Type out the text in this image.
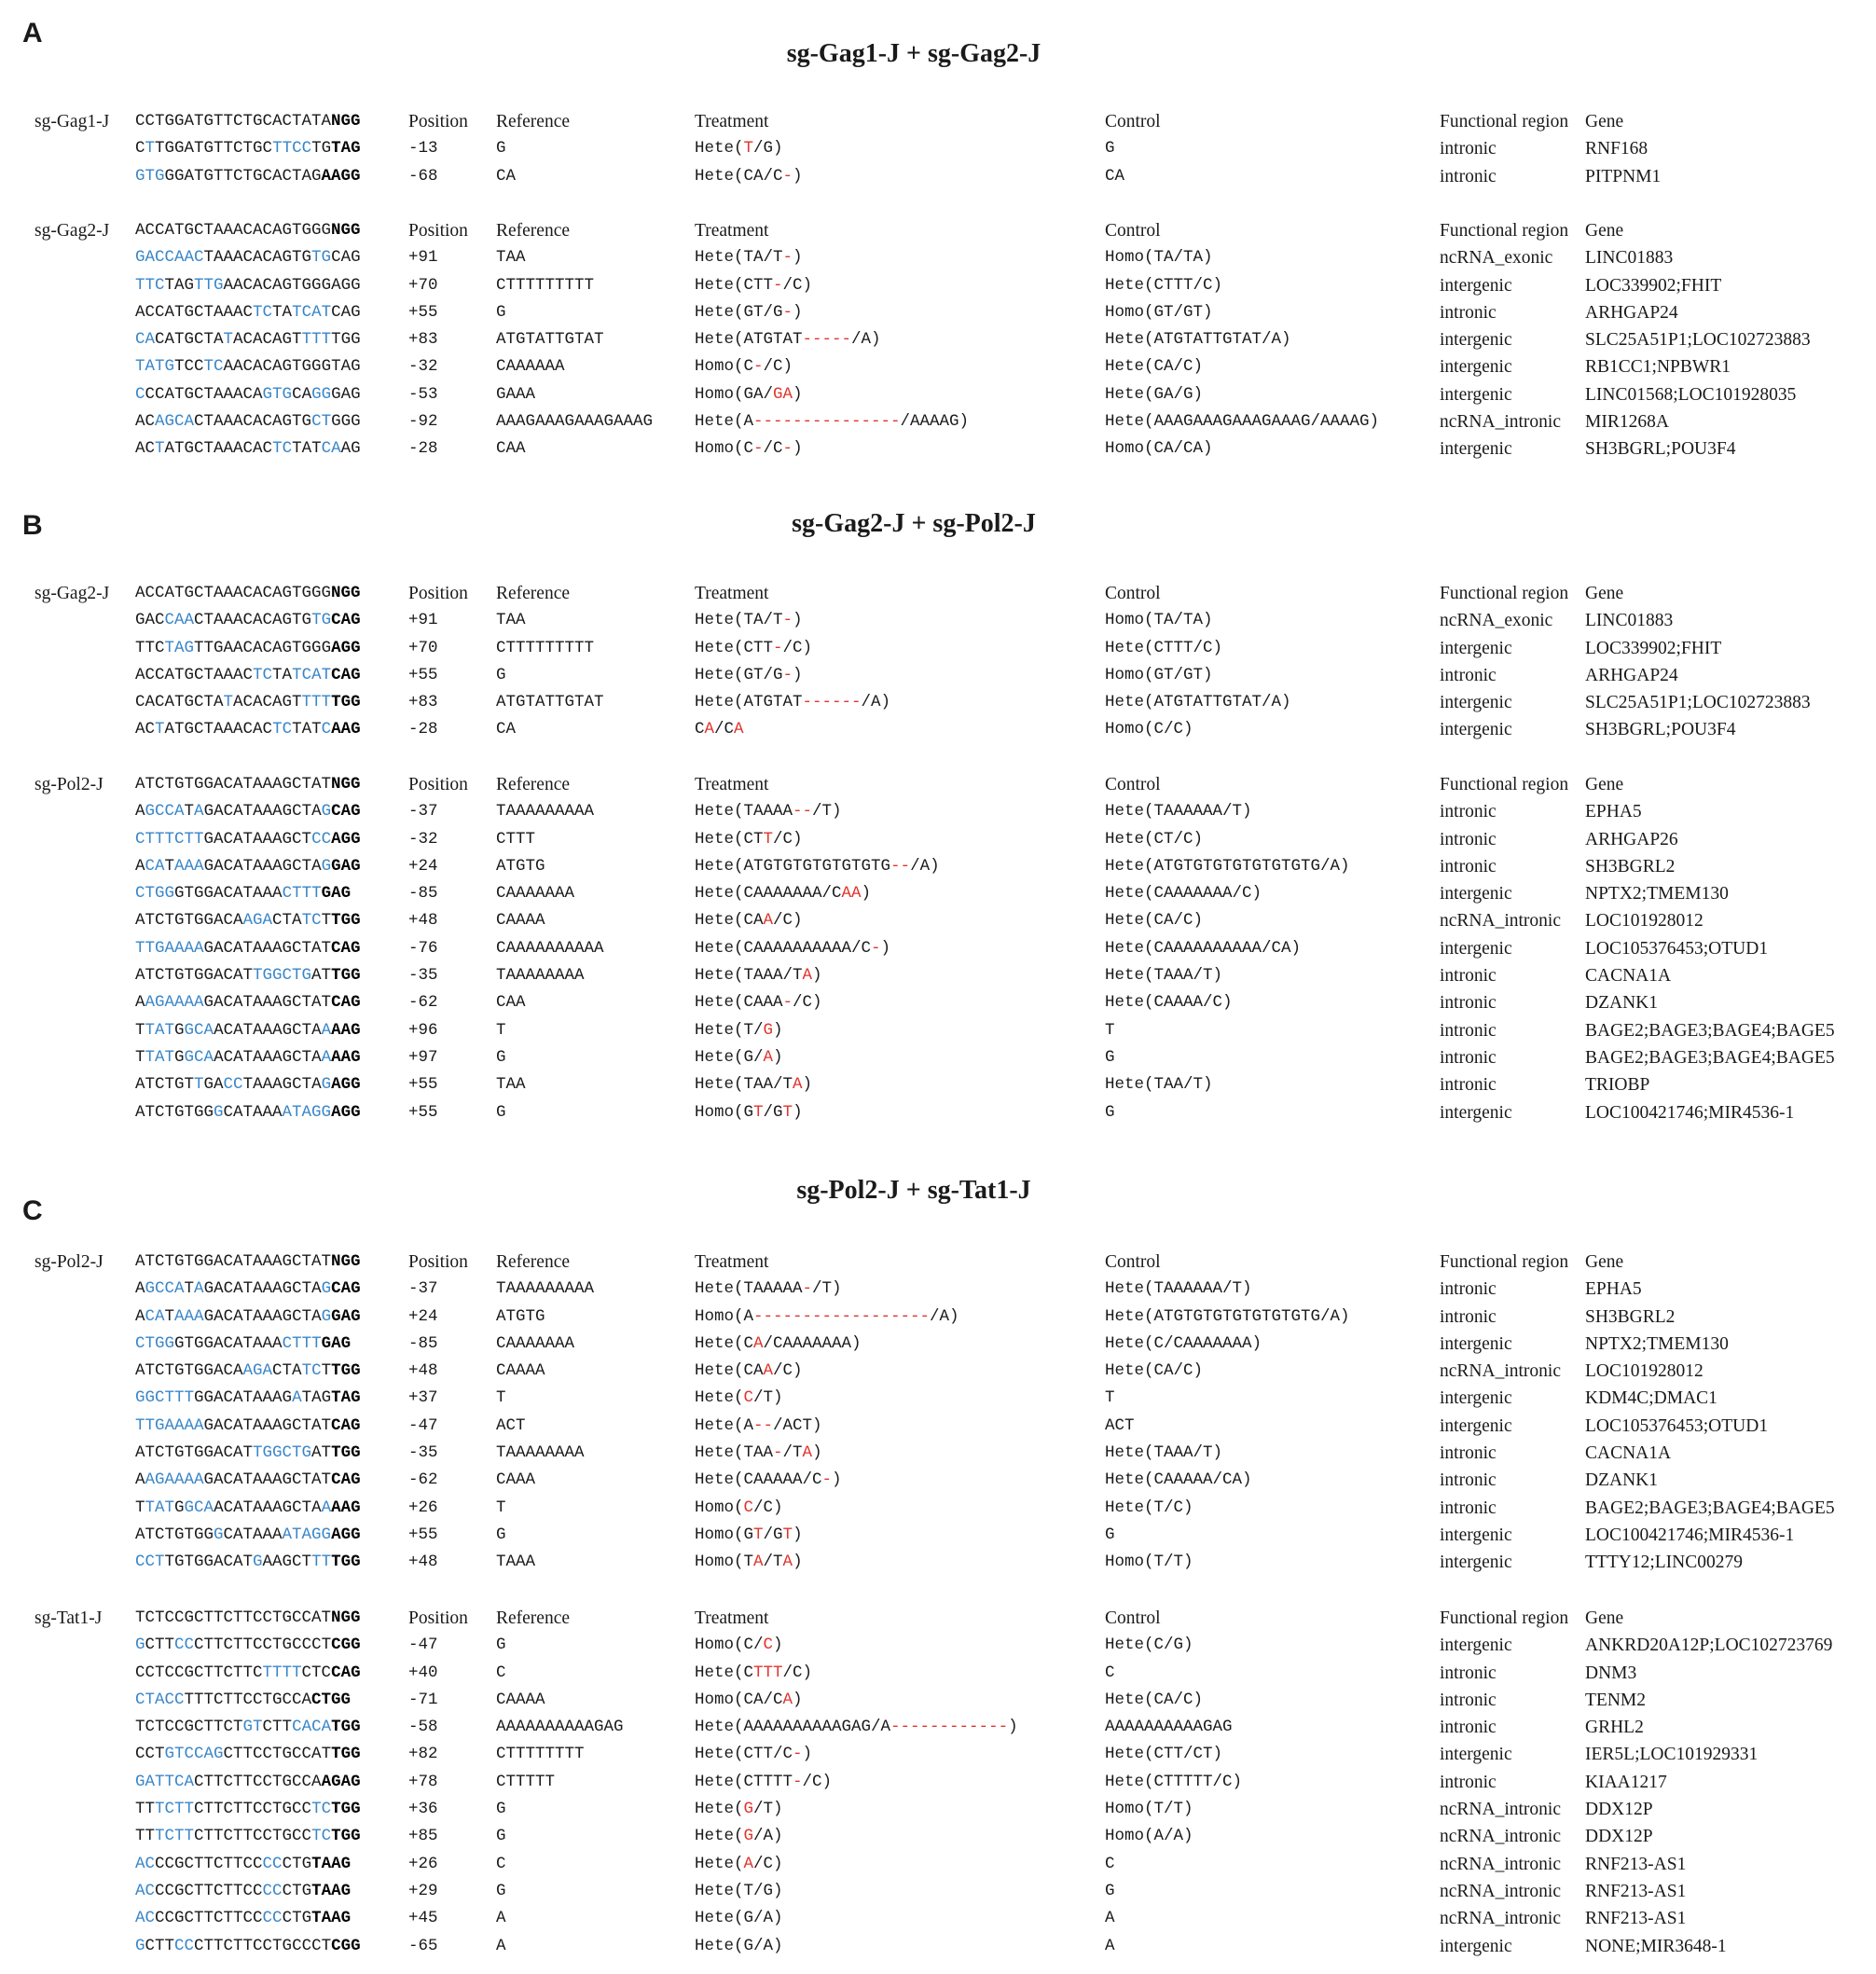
A
sg-Gag1-J + sg-Gag2-J
sg-Gag1-J CCTGGATGTTCTGCACTATANGG	Position Reference	Treatment	Control	Functional region Gene
CTTGGATGTTCTGCTTCCTGTAG	-13	G	Hete(T/G)	G	intronic	RNF168
GTGGGATGTTCTGCACTAGAAGG	-68	CA	Hete(CA/C-)	CA	intronic	PITPNM1
sg-Gag2-J ACCATGCTAAACACAGTGGGNGG	Position Reference	Treatment	Control	Functional region Gene
GACCAACTAAACACAGTGTGCAG	+91	TAA	Hete(TA/T-)	Homo(TA/TA)	ncRNA_exonic LINC01883
TTCTAGTTGAACACAGTGGGAGG	+70	CTTTTTTTTT	Hete(CTT-/C)	Hete(CTTT/C)	intergenic	LOC339902;FHIT
ACCATGCTAAACTCTATCATCAG	+55	G	Hete(GT/G-)	Homo(GT/GT)	intronic	ARHGAP24
CACATGCTATACACAGTTTTTGG	+83	ATGTATTGTAT	Hete(ATGTAT-----/A)	Hete(ATGTATTGTAT/A)	intergenic	SLC25A51P1;LOC102723883
TATGTCCTCAACACAGTGGGTAG	-32	CAAAAAA	Homo(C-/C)	Hete(CA/C)	intergenic	RB1CC1;NPBWR1
CCCATGCTAAACAGTGCAGGGAG	-53	GAAA	Homo(GA/GA)	Hete(GA/G)	intergenic	LINC01568;LOC101928035
ACAGCACTAAACACAGTGCTGGG	-92	AAAGAAAGAAAGAAAG	Hete(A---------------/AAAAG)	Hete(AAAGAAAGAAAGAAAG/AAAAG)	ncRNA_intronic MIR1268A
ACTATGCTAAACACTCTATCAAG	-28	CAA	Homo(C-/C-)	Homo(CA/CA)	intergenic	SH3BGRL;POU3F4
B	sg-Gag2-J + sg-Pol2-J
sg-Gag2-J ACCATGCTAAACACAGTGGGNGG	Position Reference	Treatment	Control	Functional region Gene
GACCAACTAAACACAGTGTGCAG	+91	TAA	Hete(TA/T-)	Homo(TA/TA)	ncRNA_exonic LINC01883
TTCTAGTTGAACACAGTGGGAGG	+70	CTTTTTTTTT	Hete(CTT-/C)	Hete(CTTT/C)	intergenic	LOC339902;FHIT
ACCATGCTAAACTCTATCATCAG	+55	G	Hete(GT/G-)	Homo(GT/GT)	intronic	ARHGAP24
CACATGCTATACACAGTTTTTGG	+83	ATGTATTGTAT	Hete(ATGTAT------/A)	Hete(ATGTATTGTAT/A)	intergenic	SLC25A51P1;LOC102723883
ACTATGCTAAACACTCTATCAAG	-28	CA	CA/CA	Homo(C/C)	intergenic	SH3BGRL;POU3F4
sg-Pol2-J ATCTGTGGACATAAAGCTATNGG	Position Reference	Treatment	Control	Functional region Gene
AGCCATAGACATAAAGCTAGCAG	-37	TAAAAAAAAA	Hete(TAAAA--/T)	Hete(TAAAAAA/T)	intronic	EPHA5
CTTTCTTGACATAAAGCTCCAGG	-32	CTTT	Hete(CTT/C)	Hete(CT/C)	intronic	ARHGAP26
ACATAAAGACATAAAGCTAGGAG	+24	ATGTG	Hete(ATGTGTGTGTGTGTG--/A)	Hete(ATGTGTGTGTGTGTGTG/A)	intronic	SH3BGRL2
CTGGGTGGACATAAACTTTGAG	-85	CAAAAAAA	Hete(CAAAAAAA/CAA)	Hete(CAAAAAAA/C)	intergenic	NPTX2;TMEM130
ATCTGTGGACAAGACTATCTTGG	+48	CAAAA	Hete(CAA/C)	Hete(CA/C)	ncRNA_intronic LOC101928012
TTGAAAAGACATAAAGCTATCAG	-76	CAAAAAAAAAA	Hete(CAAAAAAAAAA/C-)	Hete(CAAAAAAAAAA/CA)	intergenic	LOC105376453;OTUD1
ATCTGTGGACATTGGCTGATTGG	-35	TAAAAAAAA	Hete(TAAA/TA)	Hete(TAAA/T)	intronic	CACNA1A
AAGAAAAGACATAAAGCTATCAG	-62	CAA	Hete(CAAA-/C)	Hete(CAAAA/C)	intronic	DZANK1
TTATGGCAACATAAAGCTAAAAG	+96	T	Hete(T/G)	T	intronic	BAGE2;BAGE3;BAGE4;BAGE5
TTATGGCAACATAAAGCTAAAAG	+97	G	Hete(G/A)	G	intronic	BAGE2;BAGE3;BAGE4;BAGE5
ATCTGTTGACCTAAAGCTAGAGG	+55	TAA	Hete(TAA/TA)	Hete(TAA/T)	intronic	TRIOBP
ATCTGTGGGCATAAAATAGGAGG	+55	G	Homo(GT/GT)	G	intergenic	LOC100421746;MIR4536-1
C
sg-Pol2-J + sg-Tat1-J
sg-Pol2-J ATCTGTGGACATAAAGCTATNGG	Position Reference	Treatment	Control	Functional region Gene
AGCCATAGACATAAAGCTAGCAG	-37	TAAAAAAAAA	Hete(TAAAAA-/T)	Hete(TAAAAAA/T)	intronic	EPHA5
ACATAAAGACATAAAGCTAGGAG	+24	ATGTG	Homo(A------------------/A)	Hete(ATGTGTGTGTGTGTGTG/A)	intronic	SH3BGRL2
CTGGGTGGACATAAACTTTGAG	-85	CAAAAAAA	Hete(CA/CAAAAAAA)	Hete(C/CAAAAAAA)	intergenic	NPTX2;TMEM130
ATCTGTGGACAAGACTATCTTGG	+48	CAAAA	Hete(CAA/C)	Hete(CA/C)	ncRNA_intronic LOC101928012
GGCTTTGGACATAAAGATAGTAG	+37	T	Hete(C/T)	T	intergenic	KDM4C;DMAC1
TTGAAAAGACATAAAGCTATCAG	-47	ACT	Hete(A--/ACT)	ACT	intergenic	LOC105376453;OTUD1
ATCTGTGGACATTGGCTGATTGG	-35	TAAAAAAAA	Hete(TAA-/TA)	Hete(TAAA/T)	intronic	CACNA1A
AAGAAAAGACATAAAGCTATCAG	-62	CAAA	Hete(CAAAAA/C-)	Hete(CAAAAA/CA)	intronic	DZANK1
TTATGGCAACATAAAGCTAAAAG	+26	T	Homo(C/C)	Hete(T/C)	intronic	BAGE2;BAGE3;BAGE4;BAGE5
ATCTGTGGGCATAAAATAGGAGG	+55	G	Homo(GT/GT)	G	intergenic	LOC100421746;MIR4536-1
CCTTGTGGACATGAAGCTTTTGG	+48	TAAA	Homo(TA/TA)	Homo(T/T)	intergenic	TTTY12;LINC00279
sg-Tat1-J TCTCCGCTTCTTCCTGCCATNGG	Position Reference	Treatment	Control	Functional region Gene
GCTTCCCTTCTTCCTGCCCTCGG	-47	G	Homo(C/C)	Hete(C/G)	intergenic	ANKRD20A12P;LOC102723769
CCTCCGCTTCTTCTTTTCTCCAG	+40	C	Hete(CTTT/C)	C	intronic	DNM3
CTACCTTTCTTCCTGCCACTGG	-71	CAAAA	Homo(CA/CA)	Hete(CA/C)	intronic	TENM2
TCTCCGCTTCTGTCTTCACATGG	-58	AAAAAAAAAAGAG	Hete(AAAAAAAAAAGAG/A------------)	AAAAAAAAAAGAG	intronic	GRHL2
CCTGTCCAGCTTCCTGCCATTGG	+82	CTTTTTTTT	Hete(CTT/C-)	Hete(CTT/CT)	intergenic	IER5L;LOC101929331
GATTCACTTCTTCCTGCCAAGAG	+78	CTTTTT	Hete(CTTTT-/C)	Hete(CTTTTT/C)	intronic	KIAA1217
TTTCTTCTTCTTCCTGCCTCTGG	+36	G	Hete(G/T)	Homo(T/T)	ncRNA_intronic DDX12P
TTTCTTCTTCTTCCTGCCTCTGG	+85	G	Hete(G/A)	Homo(A/A)	ncRNA_intronic DDX12P
ACCCGCTTCTTCCCCCTGTAAG	+26	C	Hete(A/C)	C	ncRNA_intronic RNF213-AS1
ACCCGCTTCTTCCCCCTGTAAG	+29	G	Hete(T/G)	G	ncRNA_intronic RNF213-AS1
ACCCGCTTCTTCCCCCTGTAAG	+45	A	Hete(G/A)	A	ncRNA_intronic RNF213-AS1
GCTTCCCTTCTTCCTGCCCTCGG	-65	A	Hete(G/A)	A	intergenic	NONE;MIR3648-1
